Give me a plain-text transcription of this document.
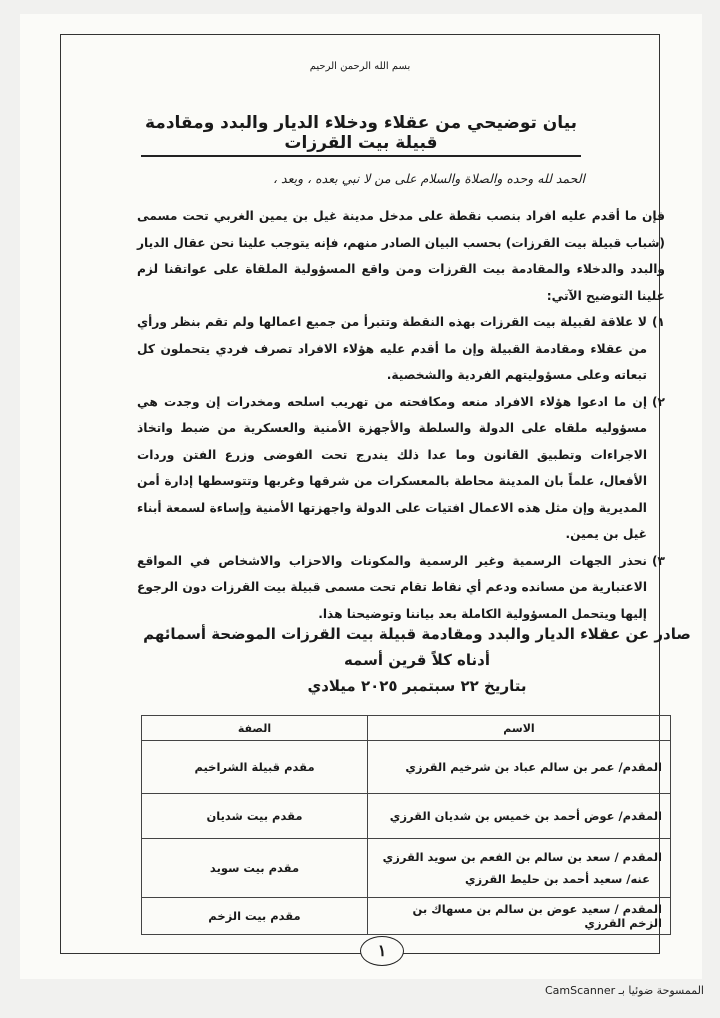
بسم الله الرحمن الرحيم
بيان توضيحي من عقلاء ودخلاء الديار والبدد ومقادمة قبيلة بيت القرزات
الحمد لله وحده والصلاة والسلام على من لا نبي بعده ، وبعد ،

فإن ما أقدم عليه افراد بنصب نقطة على مدخل مدينة غيل بن يمين الغربي تحت مسمى (شباب قبيلة بيت القرزات) بحسب البيان الصادر منهم، فإنه يتوجب علينا نحن عقال الديار والبدد والدخلاء والمقادمة بيت القرزات ومن واقع المسؤولية الملقاة على عواتقنا لزم علينا التوضيح الآتي:

١)
لا علاقة لقبيلة بيت القرزات بهذه النقطة وتتبرأ من جميع اعمالها ولم تقم بنظر ورأي من عقلاء ومقادمة القبيلة وإن ما أقدم عليه هؤلاء الافراد تصرف فردي يتحملون كل تبعاته وعلى مسؤوليتهم الفردية والشخصية.
٢)
إن ما ادعوا هؤلاء الافراد منعه ومكافحته من تهريب اسلحه ومخدرات إن وجدت هي مسؤوليه ملقاه على الدولة والسلطة والأجهزة الأمنية والعسكرية من ضبط واتخاذ الاجراءات وتطبيق القانون وما عدا ذلك يندرج تحت الفوضى وزرع الفتن وردات الأفعال، علماً بان المدينة محاطة بالمعسكرات من شرقها وغربها وتتوسطها إدارة أمن المديرية وإن مثل هذه الاعمال افتيات على الدولة واجهزتها الأمنية وإساءة لسمعة أبناء غيل بن يمين.
٣)
نحذر الجهات الرسمية وغير الرسمية والمكونات والاحزاب والاشخاص في المواقع الاعتبارية من مسانده ودعم أي نقاط تقام تحت مسمى قبيلة بيت القرزات دون الرجوع إليها ويتحمل المسؤولية الكاملة بعد بياننا وتوضيحنا هذا.

صادر عن عقلاء الديار والبدد ومقادمة قبيلة بيت القرزات الموضحة أسمائهم أدناه كلاً قرين أسمه

بتاريخ ٢٢ سبتمبر ٢٠٢٥ ميلادي

الاسم	الصفة
المقدم/ عمر بن سالم عباد بن شرخيم القرزي	مقدم قبيلة الشراخيم
المقدم/ عوض أحمد بن خميس بن شديان القرزي	مقدم بيت شديان
المقدم / سعد بن سالم بن الفعم بن سويد القرزي
عنه/ سعيد أحمد بن حليط القرزي	مقدم بيت سويد
المقدم / سعيد عوض بن سالم بن مسهاك بن الزخم القرزي	مقدم بيت الزخم
١
الممسوحة ضوئيا بـ CamScanner
